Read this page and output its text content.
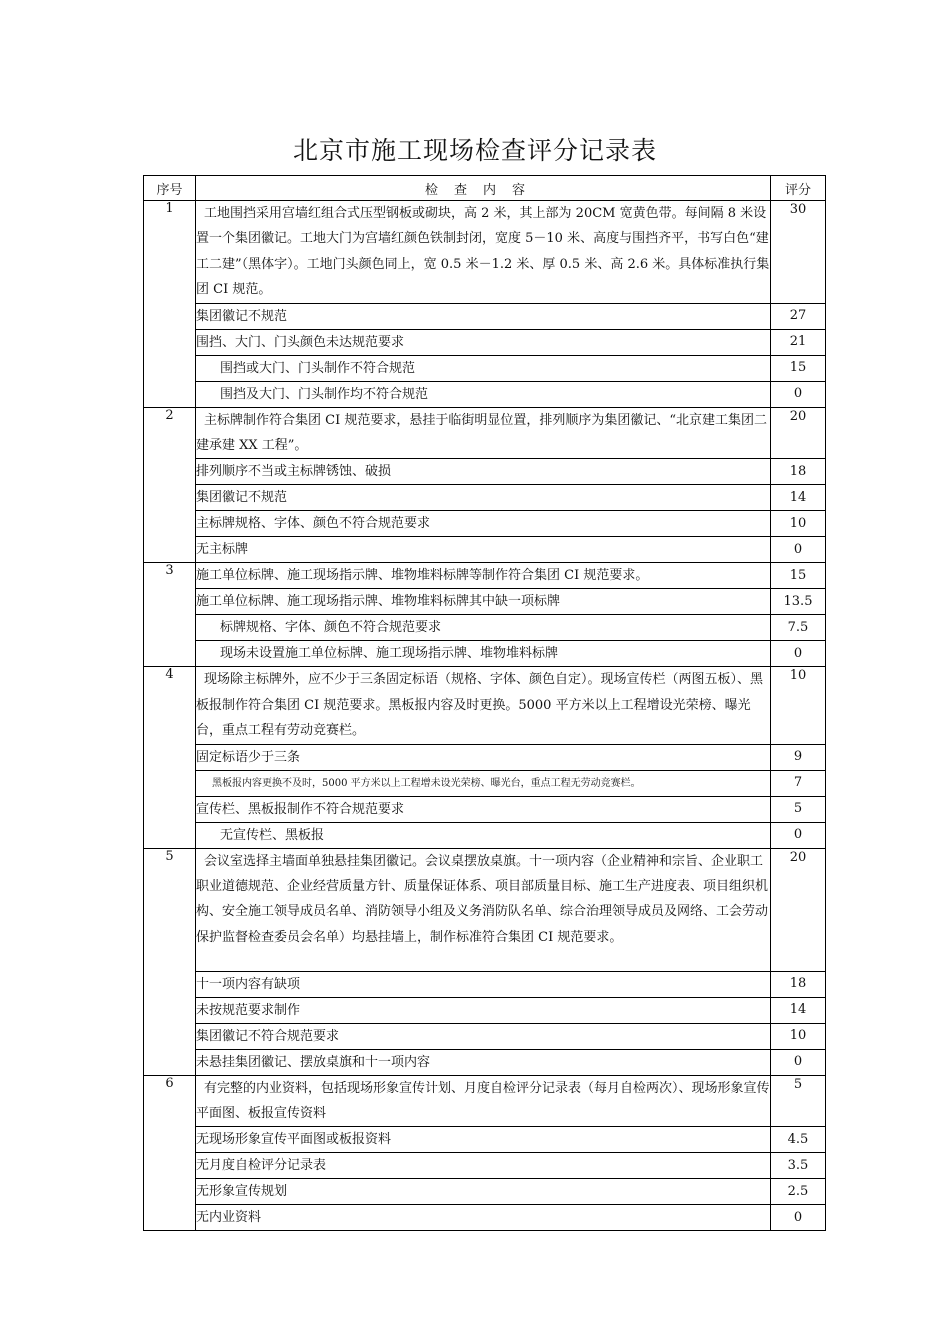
北京市施工现场检查评分记录表
序号	检查内容	评分
1	工地围挡采用宫墙红组合式压型钢板或砌块，高 2 米，其上部为 20CM 宽黄色带。每间隔 8 米设置一个集团徽记。工地大门为宫墙红颜色铁制封闭，宽度 5－10 米、高度与围挡齐平，书写白色“建工二建”（黑体字）。工地门头颜色同上，宽 0.5 米－1.2 米、厚 0.5 米、高 2.6 米。具体标准执行集团 CI 规范。	30
	集团徽记不规范	27
	围挡、大门、门头颜色未达规范要求	21
	围挡或大门、门头制作不符合规范	15
	围挡及大门、门头制作均不符合规范	0
2	主标牌制作符合集团 CI 规范要求，悬挂于临街明显位置，排列顺序为集团徽记、“北京建工集团二建承建 XX 工程”。	20
	排列顺序不当或主标牌锈蚀、破损	18
	集团徽记不规范	14
	主标牌规格、字体、颜色不符合规范要求	10
	无主标牌	0
3	施工单位标牌、施工现场指示牌、堆物堆料标牌等制作符合集团 CI 规范要求。	15
	施工单位标牌、施工现场指示牌、堆物堆料标牌其中缺一项标牌	13.5
	标牌规格、字体、颜色不符合规范要求	7.5
	现场未设置施工单位标牌、施工现场指示牌、堆物堆料标牌	0
4	现场除主标牌外，应不少于三条固定标语（规格、字体、颜色自定）。现场宣传栏（两图五板）、黑板报制作符合集团 CI 规范要求。黑板报内容及时更换。5000 平方米以上工程增设光荣榜、曝光台，重点工程有劳动竞赛栏。	10
	固定标语少于三条	9
	黑板报内容更换不及时，5000 平方米以上工程增未设光荣榜、曝光台，重点工程无劳动竞赛栏。	7
	宣传栏、黑板报制作不符合规范要求	5
	无宣传栏、黑板报	0
5	会议室选择主墙面单独悬挂集团徽记。会议桌摆放桌旗。十一项内容（企业精神和宗旨、企业职工职业道德规范、企业经营质量方针、质量保证体系、项目部质量目标、施工生产进度表、项目组织机构、安全施工领导成员名单、消防领导小组及义务消防队名单、综合治理领导成员及网络、工会劳动保护监督检查委员会名单）均悬挂墙上，制作标准符合集团 CI 规范要求。	20
	十一项内容有缺项	18
	未按规范要求制作	14
	集团徽记不符合规范要求	10
	未悬挂集团徽记、摆放桌旗和十一项内容	0
6	有完整的内业资料，包括现场形象宣传计划、月度自检评分记录表（每月自检两次）、现场形象宣传平面图、板报宣传资料	5
	无现场形象宣传平面图或板报资料	4.5
	无月度自检评分记录表	3.5
	无形象宣传规划	2.5
	无内业资料	0
